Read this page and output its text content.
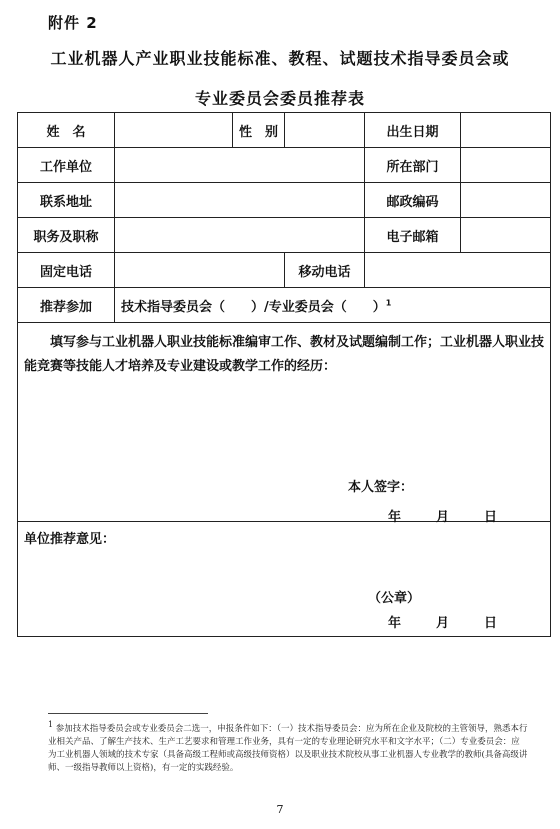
附件 2
工业机器人产业职业技能标准、教程、试题技术指导委员会或
专业委员会委员推荐表
姓　名		性　别		出生日期	
工作单位				所在部门	
联系地址				邮政编码	
职务及职称				电子邮箱	
固定电话			移动电话		
推荐参加	技术指导委员会（　　）/专业委员会（　　）$^1$

填写参与工业机器人职业技能标准编审工作、教材及试题编制工作；工业机器人职业技能竞赛等技能人才培养及专业建设或教学工作的经历：
本人签字：
年 月 日					

单位推荐意见：
（公章）
年 月 日					
$^1$ 参加技术指导委员会或专业委员会二选一，申报条件如下：（一）技术指导委员会：应为所在企业及院校的主管领导，熟悉本行业相关产品、了解生产技术、生产工艺要求和管理工作业务，具有一定的专业理论研究水平和文字水平；（二）专业委员会：应为工业机器人领域的技术专家（具备高级工程师或高级技师资格）以及职业技术院校从事工业机器人专业教学的教师(具备高级讲师、一级指导教师以上资格)，有一定的实践经验。
7
